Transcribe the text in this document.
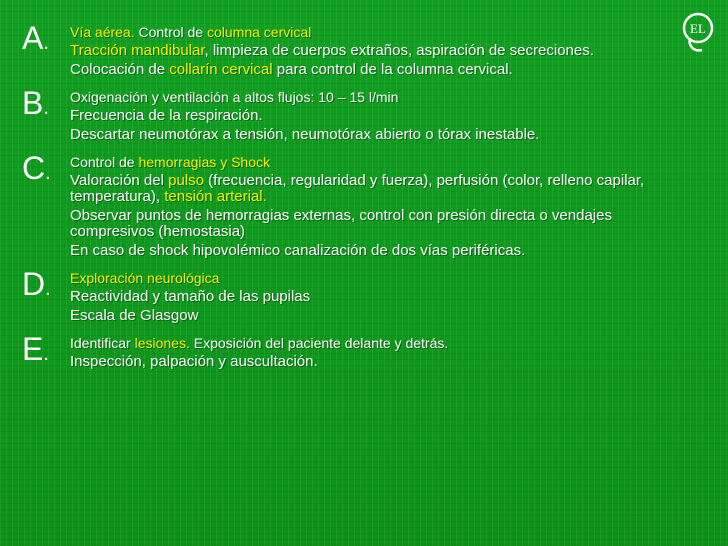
EL
A. Vía aérea. Control de columna cervical
Tracción mandibular, limpieza de cuerpos extraños, aspiración de secreciones.
Colocación de collarín cervical para control de la columna cervical.
B. Oxigenación y ventilación a altos flujos: 10 – 15 l/min
Frecuencia de la respiración.
Descartar neumotórax a tensión, neumotórax abierto o tórax inestable.
C. Control de hemorragias y Shock
Valoración del pulso (frecuencia, regularidad y fuerza), perfusión (color, relleno capilar, temperatura), tensión arterial.
Observar puntos de hemorragias externas, control con presión directa o vendajes compresivos (hemostasia)
En caso de shock hipovolémico canalización de dos vías periféricas.
D. Exploración neurológica
Reactividad y tamaño de las pupilas
Escala de Glasgow
E. Identificar lesiones. Exposición del paciente delante y detrás.
Inspección, palpación y auscultación.
